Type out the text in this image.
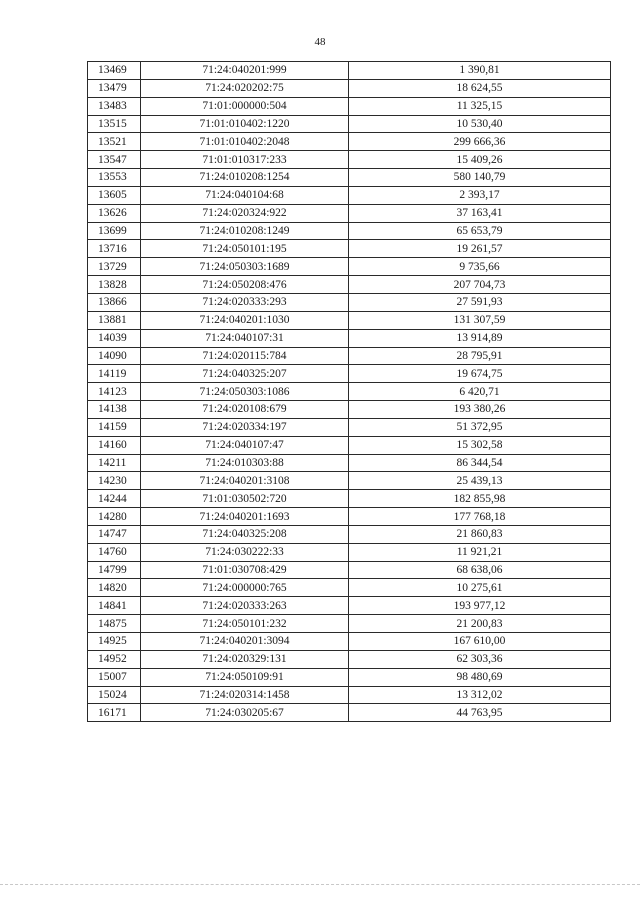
48
13469	71:24:040201:999	1 390,81
13479	71:24:020202:75	18 624,55
13483	71:01:000000:504	11 325,15
13515	71:01:010402:1220	10 530,40
13521	71:01:010402:2048	299 666,36
13547	71:01:010317:233	15 409,26
13553	71:24:010208:1254	580 140,79
13605	71:24:040104:68	2 393,17
13626	71:24:020324:922	37 163,41
13699	71:24:010208:1249	65 653,79
13716	71:24:050101:195	19 261,57
13729	71:24:050303:1689	9 735,66
13828	71:24:050208:476	207 704,73
13866	71:24:020333:293	27 591,93
13881	71:24:040201:1030	131 307,59
14039	71:24:040107:31	13 914,89
14090	71:24:020115:784	28 795,91
14119	71:24:040325:207	19 674,75
14123	71:24:050303:1086	6 420,71
14138	71:24:020108:679	193 380,26
14159	71:24:020334:197	51 372,95
14160	71:24:040107:47	15 302,58
14211	71:24:010303:88	86 344,54
14230	71:24:040201:3108	25 439,13
14244	71:01:030502:720	182 855,98
14280	71:24:040201:1693	177 768,18
14747	71:24:040325:208	21 860,83
14760	71:24:030222:33	11 921,21
14799	71:01:030708:429	68 638,06
14820	71:24:000000:765	10 275,61
14841	71:24:020333:263	193 977,12
14875	71:24:050101:232	21 200,83
14925	71:24:040201:3094	167 610,00
14952	71:24:020329:131	62 303,36
15007	71:24:050109:91	98 480,69
15024	71:24:020314:1458	13 312,02
16171	71:24:030205:67	44 763,95
